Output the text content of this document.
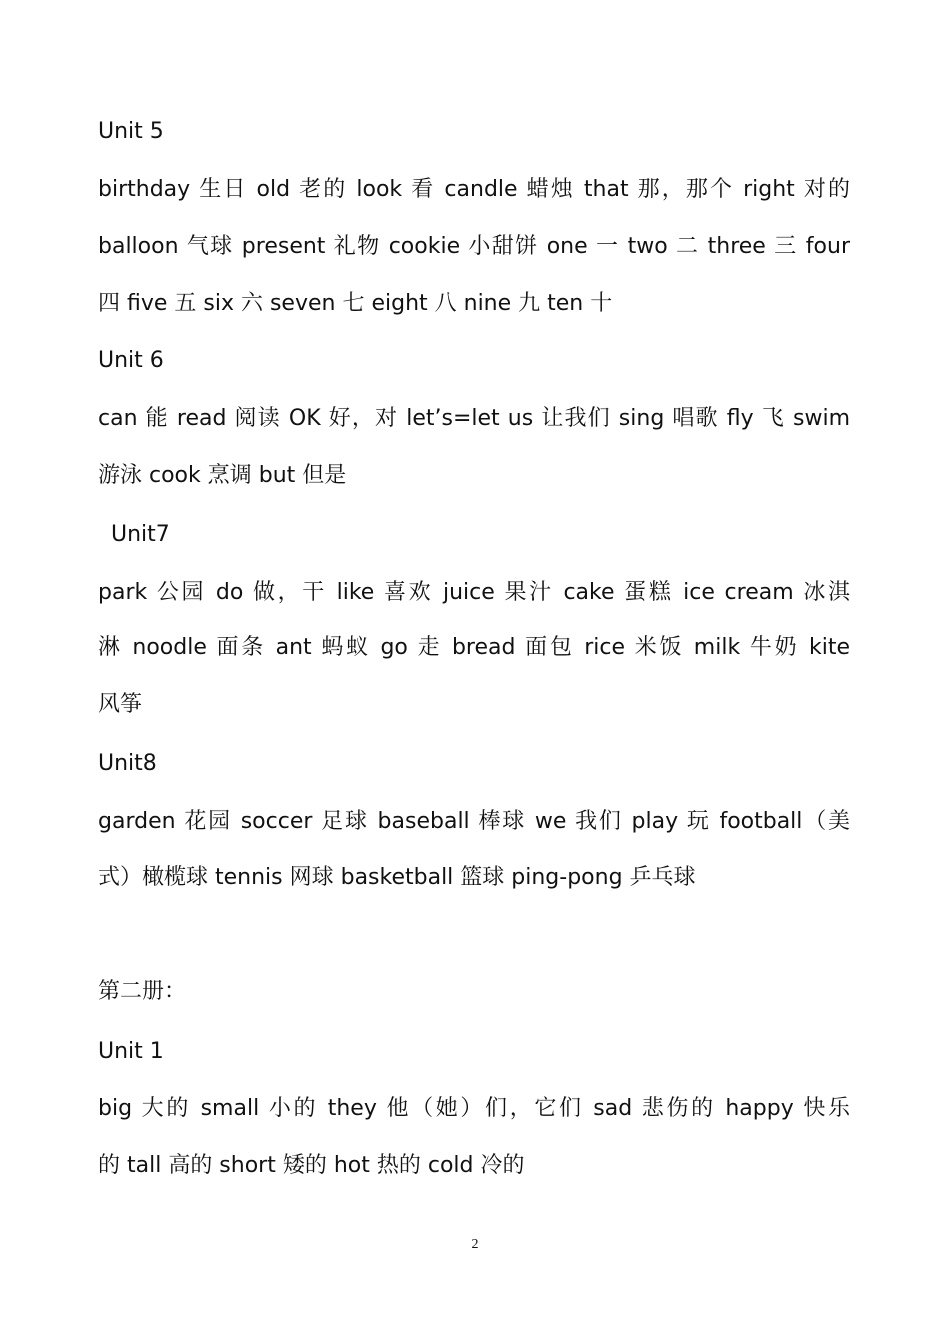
Unit 5
birthday 生日 old 老的 look 看 candle 蜡烛 that 那，那个 right 对的
balloon 气球 present 礼物 cookie 小甜饼 one 一 two 二 three 三 four
四 five 五 six 六 seven 七 eight 八 nine 九 ten 十
Unit 6
can 能 read 阅读 OK 好，对 let’s=let us 让我们 sing 唱歌 fly 飞 swim
游泳 cook 烹调 but 但是
Unit7
park 公园 do 做，干 like 喜欢 juice 果汁 cake 蛋糕 ice cream 冰淇
淋 noodle 面条 ant 蚂蚁 go 走 bread 面包 rice 米饭 milk 牛奶 kite
风筝
Unit8
garden 花园 soccer 足球 baseball 棒球 we 我们 play 玩 football（美
式）橄榄球 tennis 网球 basketball 篮球 ping-pong 乒乓球
第二册：
Unit 1
big 大的 small 小的 they 他（她）们，它们 sad 悲伤的 happy 快乐
的 tall 高的 short 矮的 hot 热的 cold 冷的
2
